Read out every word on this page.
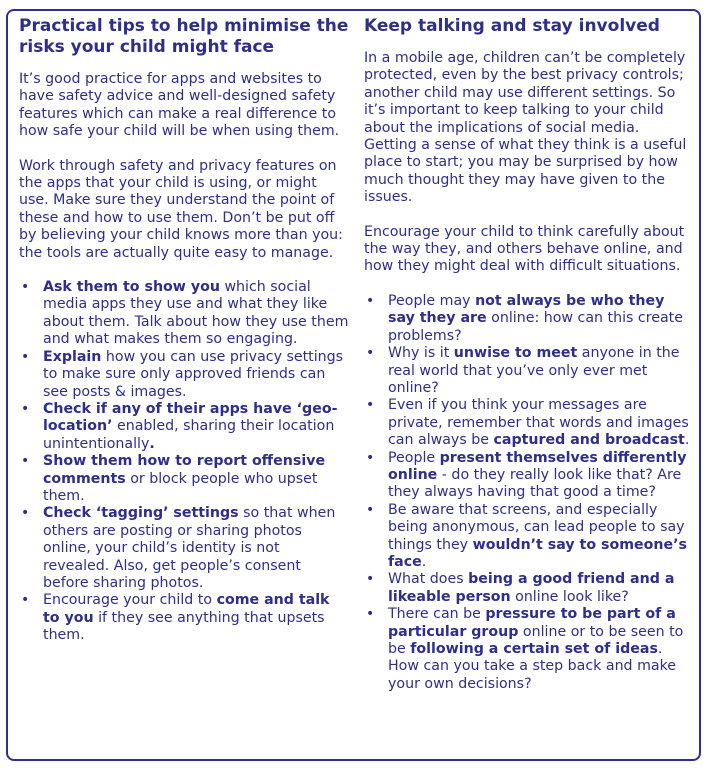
Practical tips to help minimise the risks your child might face

It’s good practice for apps and websites to have safety advice and well-designed safety features which can make a real difference to how safe your child will be when using them.

Work through safety and privacy features on the apps that your child is using, or might use. Make sure they understand the point of these and how to use them. Don’t be put off by believing your child knows more than you: the tools are actually quite easy to manage.

• Ask them to show you which social media apps they use and what they like about them. Talk about how they use them and what makes them so engaging.
• Explain how you can use privacy settings to make sure only approved friends can see posts & images.
• Check if any of their apps have ‘geo-location’ enabled, sharing their location unintentionally.
• Show them how to report offensive comments or block people who upset them.
• Check ‘tagging’ settings so that when others are posting or sharing photos online, your child’s identity is not revealed. Also, get people’s consent before sharing photos.
• Encourage your child to come and talk to you if they see anything that upsets them.
Keep talking and stay involved

In a mobile age, children can’t be completely protected, even by the best privacy controls; another child may use different settings. So it’s important to keep talking to your child about the implications of social media. Getting a sense of what they think is a useful place to start; you may be surprised by how much thought they may have given to the issues.

Encourage your child to think carefully about the way they, and others behave online, and how they might deal with difficult situations.

• People may not always be who they say they are online: how can this create problems?
• Why is it unwise to meet anyone in the real world that you’ve only ever met online?
• Even if you think your messages are private, remember that words and images can always be captured and broadcast.
• People present themselves differently online - do they really look like that? Are they always having that good a time?
• Be aware that screens, and especially being anonymous, can lead people to say things they wouldn’t say to someone’s face.
• What does being a good friend and a likeable person online look like?
• There can be pressure to be part of a particular group online or to be seen to be following a certain set of ideas. How can you take a step back and make your own decisions?
